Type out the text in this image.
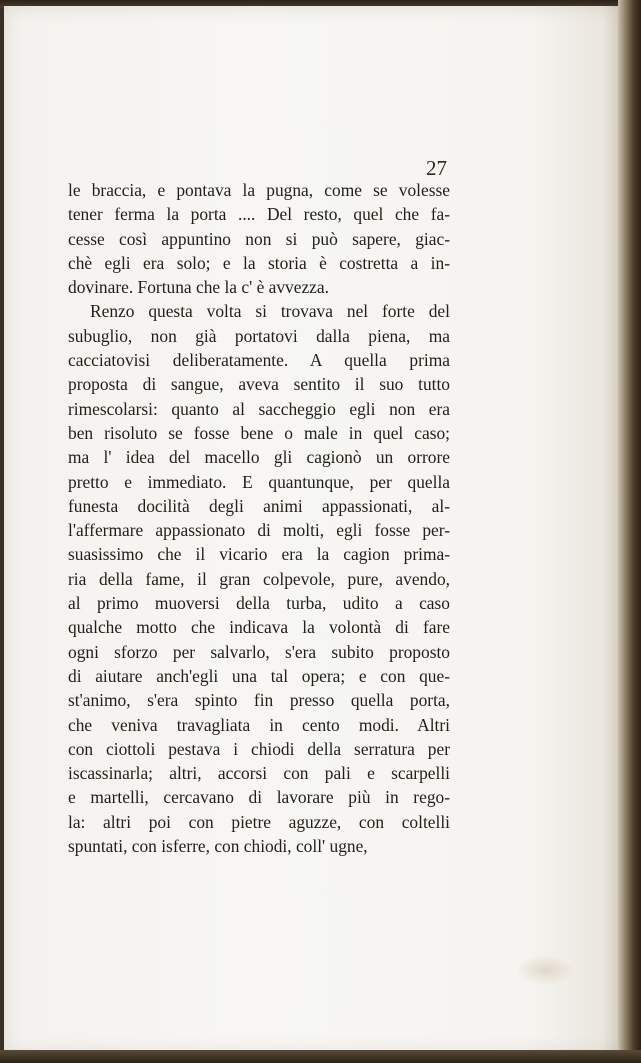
27
le braccia, e pontava la pugna, come se volesse
tener ferma la porta .... Del resto, quel che fa-
cesse così appuntino non si può sapere, giac-
chè egli era solo; e la storia è costretta a in-
dovinare. Fortuna che la c' è avvezza.
Renzo questa volta si trovava nel forte del
subuglio, non già portatovi dalla piena, ma
cacciatovisi deliberatamente. A quella prima
proposta di sangue, aveva sentito il suo tutto
rimescolarsi: quanto al saccheggio egli non era
ben risoluto se fosse bene o male in quel caso;
ma l' idea del macello gli cagionò un orrore
pretto e immediato. E quantunque, per quella
funesta docilità degli animi appassionati, al-
l'affermare appassionato di molti, egli fosse per-
suasissimo che il vicario era la cagion prima-
ria della fame, il gran colpevole, pure, avendo,
al primo muoversi della turba, udito a caso
qualche motto che indicava la volontà di fare
ogni sforzo per salvarlo, s'era subito proposto
di aiutare anch'egli una tal opera; e con que-
st'animo, s'era spinto fin presso quella porta,
che veniva travagliata in cento modi. Altri
con ciottoli pestava i chiodi della serratura per
iscassinarla; altri, accorsi con pali e scarpelli
e martelli, cercavano di lavorare più in rego-
la: altri poi con pietre aguzze, con coltelli
spuntati, con isferre, con chiodi, coll' ugne,
